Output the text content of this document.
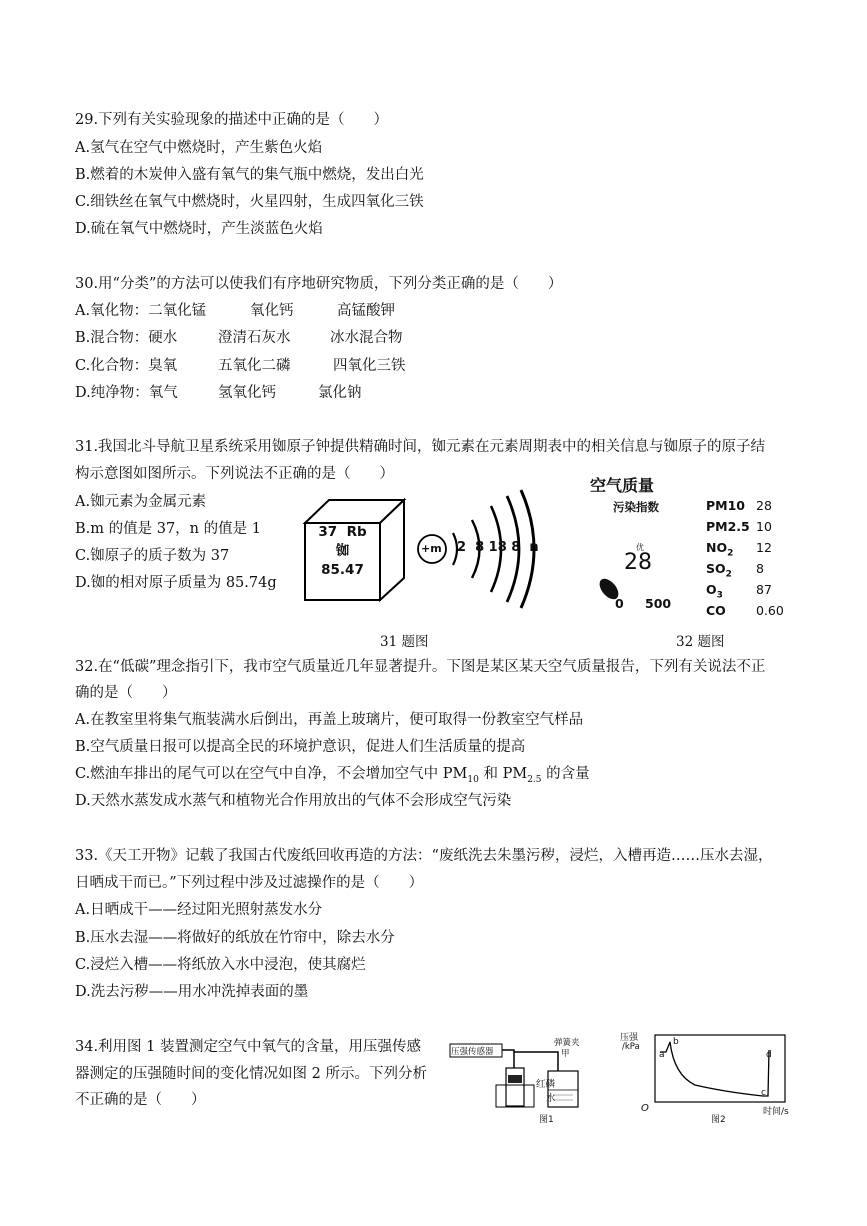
29.下列有关实验现象的描述中正确的是（　　）
A.氢气在空气中燃烧时，产生紫色火焰
B.燃着的木炭伸入盛有氧气的集气瓶中燃烧，发出白光
C.细铁丝在氧气中燃烧时，火星四射，生成四氧化三铁
D.硫在氧气中燃烧时，产生淡蓝色火焰
30.用“分类”的方法可以使我们有序地研究物质，下列分类正确的是（　　）
A.氧化物：二氧化锰	氧化钙	高锰酸钾
B.混合物：硬水	澄清石灰水	冰水混合物
C.化合物：臭氧	五氧化二磷	四氧化三铁
D.纯净物：氧气	氢氧化钙	氯化钠
31.我国北斗导航卫星系统采用铷原子钟提供精确时间，铷元素在元素周期表中的相关信息与铷原子的原子结
构示意图如图所示。下列说法不正确的是（　　）
A.铷元素为金属元素
B.m 的值是 37，n 的值是 1
C.铷原子的质子数为 37
D.铷的相对原子质量为 85.74g
37 Rb
铷
85.47
+m 2  8 18 8  n
31 题图
空气质量
污染指数
优
28
0 500
PM10 28
PM2.5 10
$NO_2$ 12
$SO_2$ 8
$O_3$	87
CO 0.60
32 题图
32.在“低碳”理念指引下，我市空气质量近几年显著提升。下图是某区某天空气质量报告，下列有关说法不正
确的是（　　）
A.在教室里将集气瓶装满水后倒出，再盖上玻璃片，便可取得一份教室空气样品
B.空气质量日报可以提高全民的环境护意识，促进人们生活质量的提高
C.燃油车排出的尾气可以在空气中自净，不会增加空气中 $PM_{10}$ 和 $PM_{2.5}$ 的含量
D.天然水蒸发成水蒸气和植物光合作用放出的气体不会形成空气污染
33.《天工开物》记载了我国古代废纸回收再造的方法：“废纸洗去朱墨污秽，浸烂，入槽再造……压水去湿，
日晒成干而已。”下列过程中涉及过滤操作的是（　　）
A.日晒成干——经过阳光照射蒸发水分
B.压水去湿——将做好的纸放在竹帘中，除去水分
C.浸烂入槽——将纸放入水中浸泡，使其腐烂
D.洗去污秽——用水冲洗掉表面的墨
34.利用图 1 装置测定空气中氧气的含量，用压强传感
器测定的压强随时间的变化情况如图 2 所示。下列分析
不正确的是（　　）
压强传感器
弹簧夹
甲
红磷
水
图1
压强
/kPa
a
b
c
d
O	时间/s
图2
